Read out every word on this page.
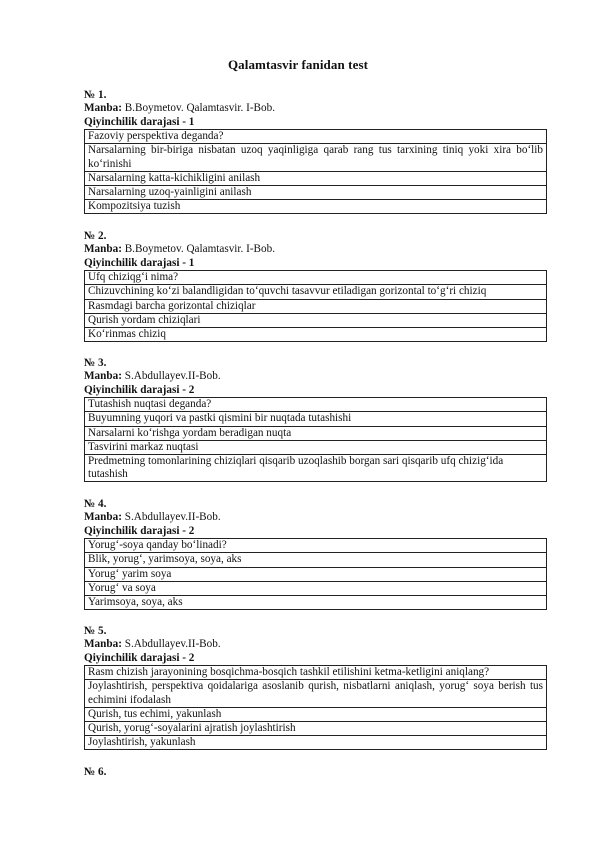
Qalamtasvir fanidan test
№ 1.
Manba: B.Boymetov. Qalamtasvir. I-Bob.
Qiyinchilik darajasi - 1
Fazoviy perspektiva deganda?
Narsalarning bir-biriga nisbatan uzoq yaqinligiga qarab rang tus tarxining tiniq yoki xira bo‘lib ko‘rinishi
Narsalarning katta-kichikligini anilash
Narsalarning uzoq-yainligini anilash
Kompozitsiya tuzish
№ 2.
Manba: B.Boymetov. Qalamtasvir. I-Bob.
Qiyinchilik darajasi - 1
Ufq chiziqg‘i nima?
Chizuvchining ko‘zi balandligidan to‘quvchi tasavvur etiladigan gorizontal to‘g‘ri chiziq
Rasmdagi barcha gorizontal chiziqlar
Qurish yordam chiziqlari
Ko‘rinmas chiziq
№ 3.
Manba: S.Abdullayev.II-Bob.
Qiyinchilik darajasi - 2
Tutashish nuqtasi deganda?
Buyumning yuqori va pastki qismini bir nuqtada tutashishi
Narsalarni ko‘rishga yordam beradigan nuqta
Tasvirini markaz nuqtasi
Predmetning tomonlarining chiziqlari qisqarib uzoqlashib borgan sari qisqarib ufq chizig‘ida tutashish
№ 4.
Manba: S.Abdullayev.II-Bob.
Qiyinchilik darajasi - 2
Yorug‘-soya qanday bo‘linadi?
Blik, yorug‘, yarimsoya, soya, aks
Yorug‘ yarim soya
Yorug‘ va soya
Yarimsoya, soya, aks
№ 5.
Manba: S.Abdullayev.II-Bob.
Qiyinchilik darajasi - 2
Rasm chizish jarayonining bosqichma-bosqich tashkil etilishini ketma-ketligini aniqlang?
Joylashtirish, perspektiva qoidalariga asoslanib qurish, nisbatlarni aniqlash, yorug‘ soya berish tus echimini ifodalash
Qurish, tus echimi, yakunlash
Qurish, yorug‘-soyalarini ajratish joylashtirish
Joylashtirish, yakunlash
№ 6.
